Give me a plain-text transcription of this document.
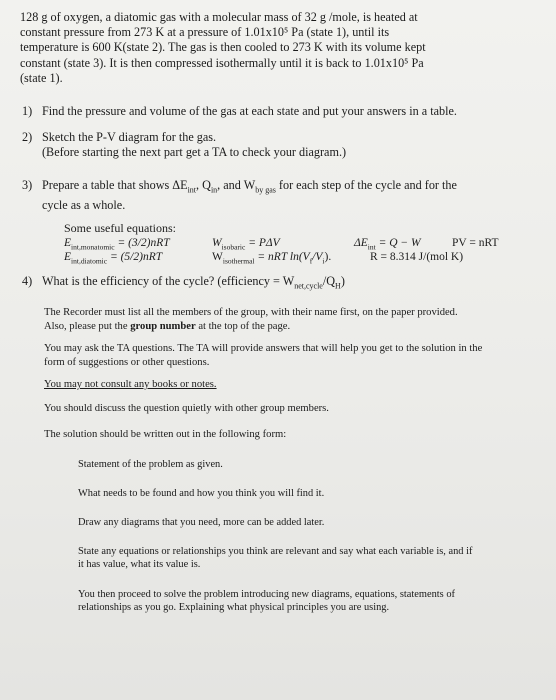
128 g of oxygen, a diatomic gas with a molecular mass of 32 g /mole, is heated at
constant pressure from 273 K at a pressure of 1.01x10⁵ Pa (state 1), until its
temperature is 600 K(state 2). The gas is then cooled to 273 K with its volume kept
constant (state 3). It is then compressed isothermally until it is back to 1.01x10⁵ Pa
(state 1).
1) Find the pressure and volume of the gas at each state and put your answers in a table.
2) Sketch the P-V diagram for the gas.
(Before starting the next part get a TA to check your diagram.)
3) Prepare a table that shows $\Delta E_{int}$, $Q_{in}$, and $W_{by gas}$ for each step of the cycle and for the
cycle as a whole.
Some useful equations:
$E_{int,monatomic} = (3/2)nRT$
$E_{int,diatomic} = (5/2)nRT$
$W_{isobaric} = P\Delta V$
$W_{isothermal}$ = nRT $\ln(V_f/V_i)$.
$\Delta E_{int} = Q - W$	PV = nRT
R = 8.314 J/(mol K)
4) What is the efficiency of the cycle? (efficiency = $W_{net,cycle}/Q_H$)
The Recorder must list all the members of the group, with their name first, on the paper provided.
Also, please put the group number at the top of the page.
You may ask the TA questions. The TA will provide answers that will help you get to the solution in the
form of suggestions or other questions.
You may not consult any books or notes.
You should discuss the question quietly with other group members.
The solution should be written out in the following form:
Statement of the problem as given.
What needs to be found and how you think you will find it.
Draw any diagrams that you need, more can be added later.
State any equations or relationships you think are relevant and say what each variable is, and if
it has value, what its value is.
You then proceed to solve the problem introducing new diagrams, equations, statements of
relationships as you go. Explaining what physical principles you are using.
